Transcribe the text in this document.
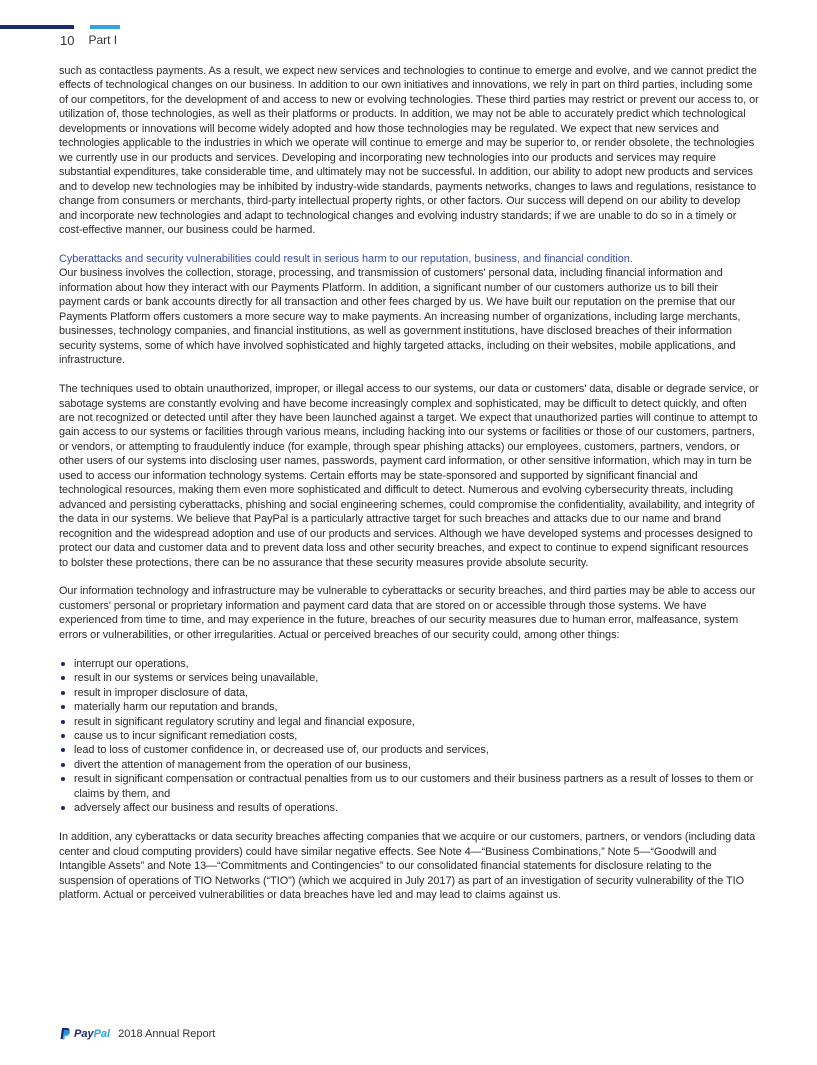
10 Part I

such as contactless payments. As a result, we expect new services and technologies to continue to emerge and evolve, and we cannot predict the effects of technological changes on our business. In addition to our own initiatives and innovations, we rely in part on third parties, including some of our competitors, for the development of and access to new or evolving technologies. These third parties may restrict or prevent our access to, or utilization of, those technologies, as well as their platforms or products. In addition, we may not be able to accurately predict which technological developments or innovations will become widely adopted and how those technologies may be regulated. We expect that new services and technologies applicable to the industries in which we operate will continue to emerge and may be superior to, or render obsolete, the technologies we currently use in our products and services. Developing and incorporating new technologies into our products and services may require substantial expenditures, take considerable time, and ultimately may not be successful. In addition, our ability to adopt new products and services and to develop new technologies may be inhibited by industry-wide standards, payments networks, changes to laws and regulations, resistance to change from consumers or merchants, third-party intellectual property rights, or other factors. Our success will depend on our ability to develop and incorporate new technologies and adapt to technological changes and evolving industry standards; if we are unable to do so in a timely or cost-effective manner, our business could be harmed.

Cyberattacks and security vulnerabilities could result in serious harm to our reputation, business, and financial condition.

Our business involves the collection, storage, processing, and transmission of customers' personal data, including financial information and information about how they interact with our Payments Platform. In addition, a significant number of our customers authorize us to bill their payment cards or bank accounts directly for all transaction and other fees charged by us. We have built our reputation on the premise that our Payments Platform offers customers a more secure way to make payments. An increasing number of organizations, including large merchants, businesses, technology companies, and financial institutions, as well as government institutions, have disclosed breaches of their information security systems, some of which have involved sophisticated and highly targeted attacks, including on their websites, mobile applications, and infrastructure.

The techniques used to obtain unauthorized, improper, or illegal access to our systems, our data or customers' data, disable or degrade service, or sabotage systems are constantly evolving and have become increasingly complex and sophisticated, may be difficult to detect quickly, and often are not recognized or detected until after they have been launched against a target. We expect that unauthorized parties will continue to attempt to gain access to our systems or facilities through various means, including hacking into our systems or facilities or those of our customers, partners, or vendors, or attempting to fraudulently induce (for example, through spear phishing attacks) our employees, customers, partners, vendors, or other users of our systems into disclosing user names, passwords, payment card information, or other sensitive information, which may in turn be used to access our information technology systems. Certain efforts may be state-sponsored and supported by significant financial and technological resources, making them even more sophisticated and difficult to detect. Numerous and evolving cybersecurity threats, including advanced and persisting cyberattacks, phishing and social engineering schemes, could compromise the confidentiality, availability, and integrity of the data in our systems. We believe that PayPal is a particularly attractive target for such breaches and attacks due to our name and brand recognition and the widespread adoption and use of our products and services. Although we have developed systems and processes designed to protect our data and customer data and to prevent data loss and other security breaches, and expect to continue to expend significant resources to bolster these protections, there can be no assurance that these security measures provide absolute security.

Our information technology and infrastructure may be vulnerable to cyberattacks or security breaches, and third parties may be able to access our customers' personal or proprietary information and payment card data that are stored on or accessible through those systems. We have experienced from time to time, and may experience in the future, breaches of our security measures due to human error, malfeasance, system errors or vulnerabilities, or other irregularities. Actual or perceived breaches of our security could, among other things:

interrupt our operations,
result in our systems or services being unavailable,
result in improper disclosure of data,
materially harm our reputation and brands,
result in significant regulatory scrutiny and legal and financial exposure,
cause us to incur significant remediation costs,
lead to loss of customer confidence in, or decreased use of, our products and services,
divert the attention of management from the operation of our business,
result in significant compensation or contractual penalties from us to our customers and their business partners as a result of losses to them or claims by them, and
adversely affect our business and results of operations.

In addition, any cyberattacks or data security breaches affecting companies that we acquire or our customers, partners, or vendors (including data center and cloud computing providers) could have similar negative effects. See Note 4—“Business Combinations,” Note 5—“Goodwill and Intangible Assets” and Note 13—“Commitments and Contingencies” to our consolidated financial statements for disclosure relating to the suspension of operations of TIO Networks (“TIO”) (which we acquired in July 2017) as part of an investigation of security vulnerability of the TIO platform. Actual or perceived vulnerabilities or data breaches have led and may lead to claims against us.

PayPal 2018 Annual Report
